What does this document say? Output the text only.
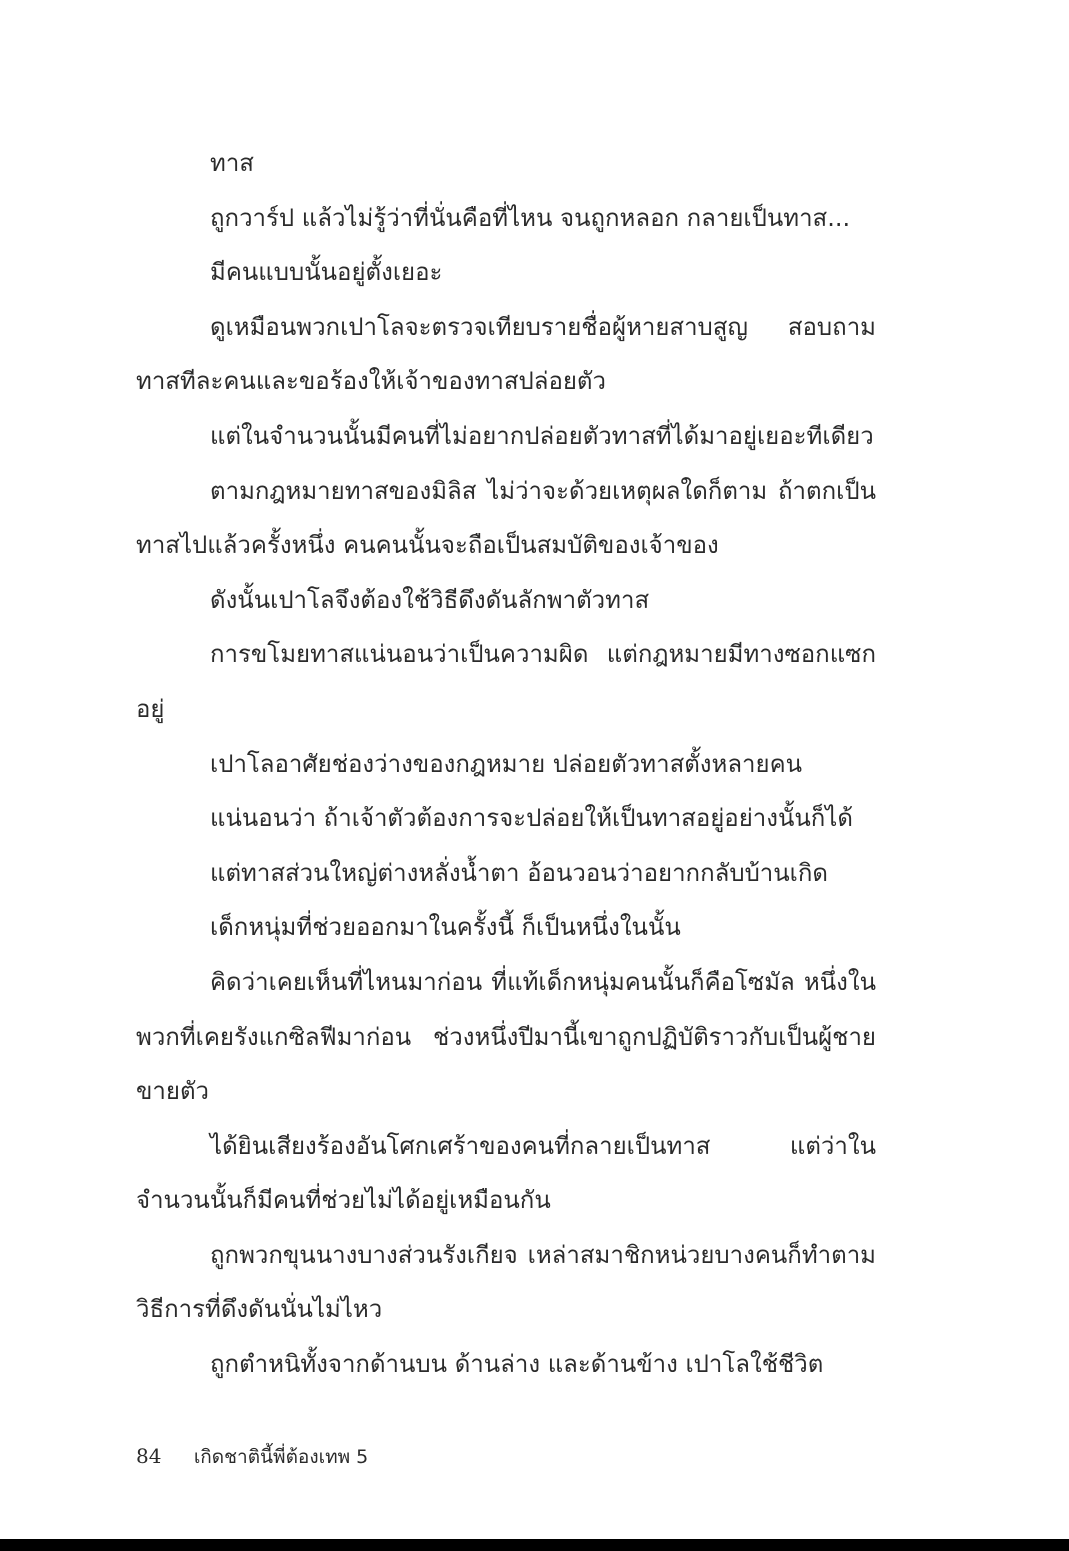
ทาส

ถูกวาร์ป แล้วไม่รู้ว่าที่นั่นคือที่ไหน จนถูกหลอก กลายเป็นทาส...

มีคนแบบนั้นอยู่ตั้งเยอะ

ดูเหมือนพวกเปาโลจะตรวจเทียบรายชื่อผู้หายสาบสูญ สอบถามทาสทีละคนและขอร้องให้เจ้าของทาสปล่อยตัว

แต่ในจำนวนนั้นมีคนที่ไม่อยากปล่อยตัวทาสที่ได้มาอยู่เยอะทีเดียว

ตามกฎหมายทาสของมิลิส ไม่ว่าจะด้วยเหตุผลใดก็ตาม ถ้าตกเป็นทาสไปแล้วครั้งหนึ่ง คนคนนั้นจะถือเป็นสมบัติของเจ้าของ

ดังนั้นเปาโลจึงต้องใช้วิธีดึงดันลักพาตัวทาส

การขโมยทาสแน่นอนว่าเป็นความผิด แต่กฎหมายมีทางซอกแซกอยู่

เปาโลอาศัยช่องว่างของกฎหมาย ปล่อยตัวทาสตั้งหลายคน

แน่นอนว่า ถ้าเจ้าตัวต้องการจะปล่อยให้เป็นทาสอยู่อย่างนั้นก็ได้

แต่ทาสส่วนใหญ่ต่างหลั่งน้ำตา อ้อนวอนว่าอยากกลับบ้านเกิด

เด็กหนุ่มที่ช่วยออกมาในครั้งนี้ ก็เป็นหนึ่งในนั้น

คิดว่าเคยเห็นที่ไหนมาก่อน ที่แท้เด็กหนุ่มคนนั้นก็คือโซมัล หนึ่งในพวกที่เคยรังแกซิลฟีมาก่อน ช่วงหนึ่งปีมานี้เขาถูกปฏิบัติราวกับเป็นผู้ชายขายตัว

ได้ยินเสียงร้องอันโศกเศร้าของคนที่กลายเป็นทาส แต่ว่าในจำนวนนั้นก็มีคนที่ช่วยไม่ได้อยู่เหมือนกัน

ถูกพวกขุนนางบางส่วนรังเกียจ เหล่าสมาชิกหน่วยบางคนก็ทำตามวิธีการที่ดึงดันนั่นไม่ไหว

ถูกตำหนิทั้งจากด้านบน ด้านล่าง และด้านข้าง เปาโลใช้ชีวิต

84 เกิดชาตินี้พี่ต้องเทพ 5
